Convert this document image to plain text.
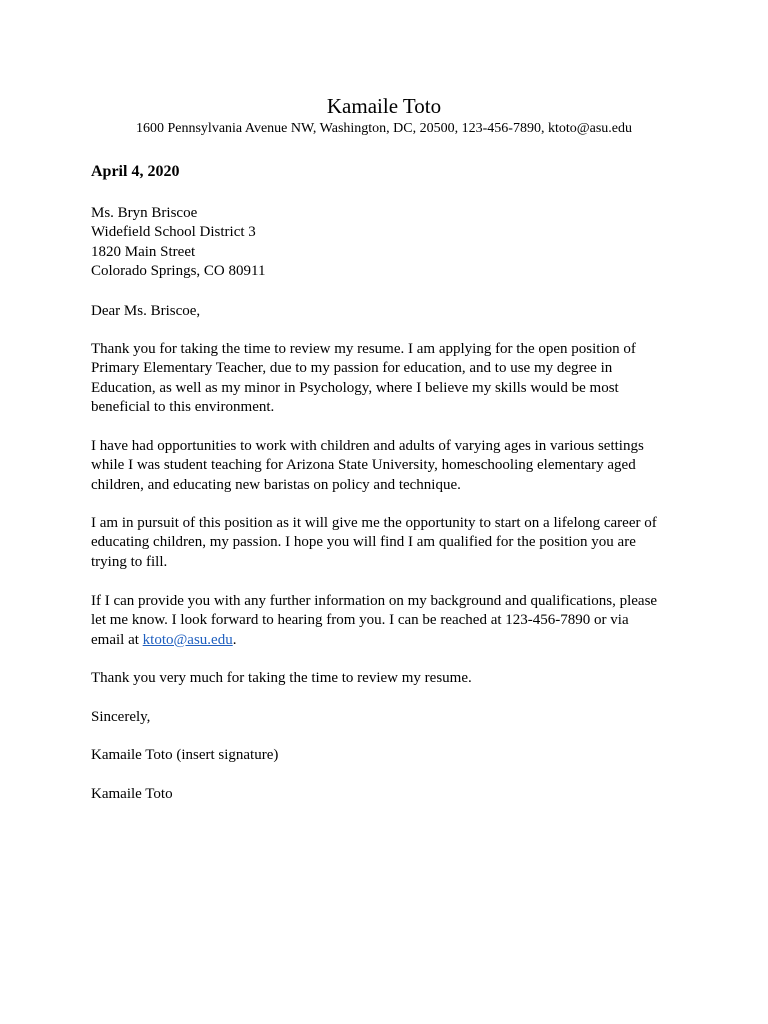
Kamaile Toto
1600 Pennsylvania Avenue NW, Washington, DC, 20500, 123-456-7890, ktoto@asu.edu
April 4, 2020
Ms. Bryn Briscoe
Widefield School District 3
1820 Main Street
Colorado Springs, CO 80911
Dear Ms. Briscoe,
Thank you for taking the time to review my resume. I am applying for the open position of Primary Elementary Teacher, due to my passion for education, and to use my degree in Education, as well as my minor in Psychology, where I believe my skills would be most beneficial to this environment.
I have had opportunities to work with children and adults of varying ages in various settings while I was student teaching for Arizona State University, homeschooling elementary aged children, and educating new baristas on policy and technique.
I am in pursuit of this position as it will give me the opportunity to start on a lifelong career of educating children, my passion. I hope you will find I am qualified for the position you are trying to fill.
If I can provide you with any further information on my background and qualifications, please let me know. I look forward to hearing from you. I can be reached at 123-456-7890 or via email at ktoto@asu.edu.
Thank you very much for taking the time to review my resume.
Sincerely,
Kamaile Toto (insert signature)
Kamaile Toto
